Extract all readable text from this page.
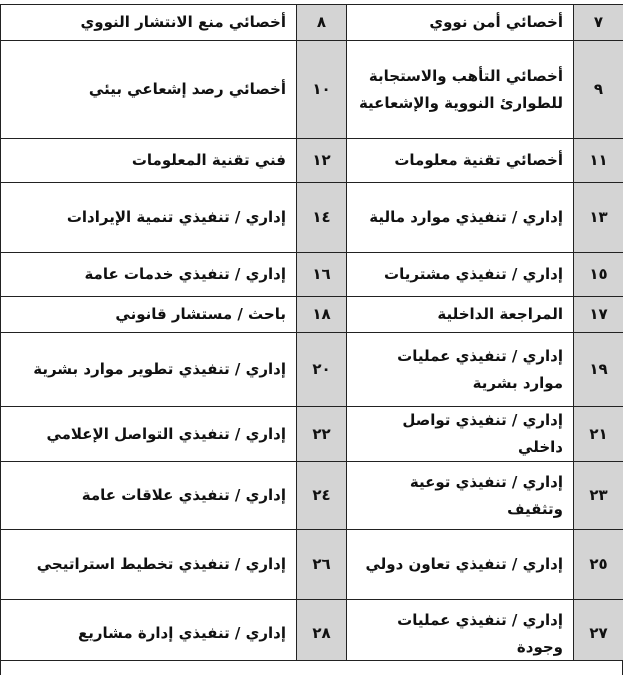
٧	أخصائي أمن نووي	٨	أخصائي منع الانتشار النووي
٩	أخصائي التأهب والاستجابة للطوارئ النووية والإشعاعية	١٠	أخصائي رصد إشعاعي بيئي
١١	أخصائي تقنية معلومات	١٢	فني تقنية المعلومات
١٣	إداري / تنفيذي موارد مالية	١٤	إداري / تنفيذي تنمية الإيرادات
١٥	إداري / تنفيذي مشتريات	١٦	إداري / تنفيذي خدمات عامة
١٧	المراجعة الداخلية	١٨	باحث / مستشار قانوني
١٩	إداري / تنفيذي عمليات موارد بشرية	٢٠	إداري / تنفيذي تطوير موارد بشرية
٢١	إداري / تنفيذي تواصل داخلي	٢٢	إداري / تنفيذي التواصل الإعلامي
٢٣	إداري / تنفيذي توعية وتثقيف	٢٤	إداري / تنفيذي علاقات عامة
٢٥	إداري / تنفيذي تعاون دولي	٢٦	إداري / تنفيذي تخطيط استراتيجي
٢٧	إداري / تنفيذي عمليات وجودة	٢٨	إداري / تنفيذي إدارة مشاريع
